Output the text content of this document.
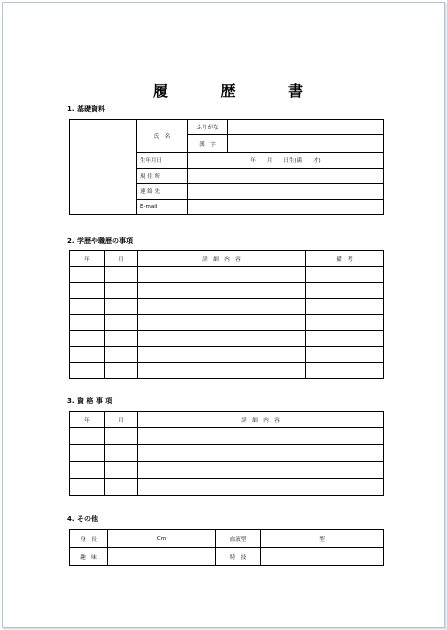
履	歴	書
1. 基礎資料
	氏　名	ふりがな	
		漢　字	
	生年月日	年　　月　　日生(満　　才)	
	現 住 所		
	連 絡 先		
	E-mail		
2. 学歴や職歴の事項
年	月	詳　細　内　容	備　考

3. 資 格 事 項
年	月	詳　細　内　容

4. その他
身　長	Cm	血液型	型
趣　味		特　技	
